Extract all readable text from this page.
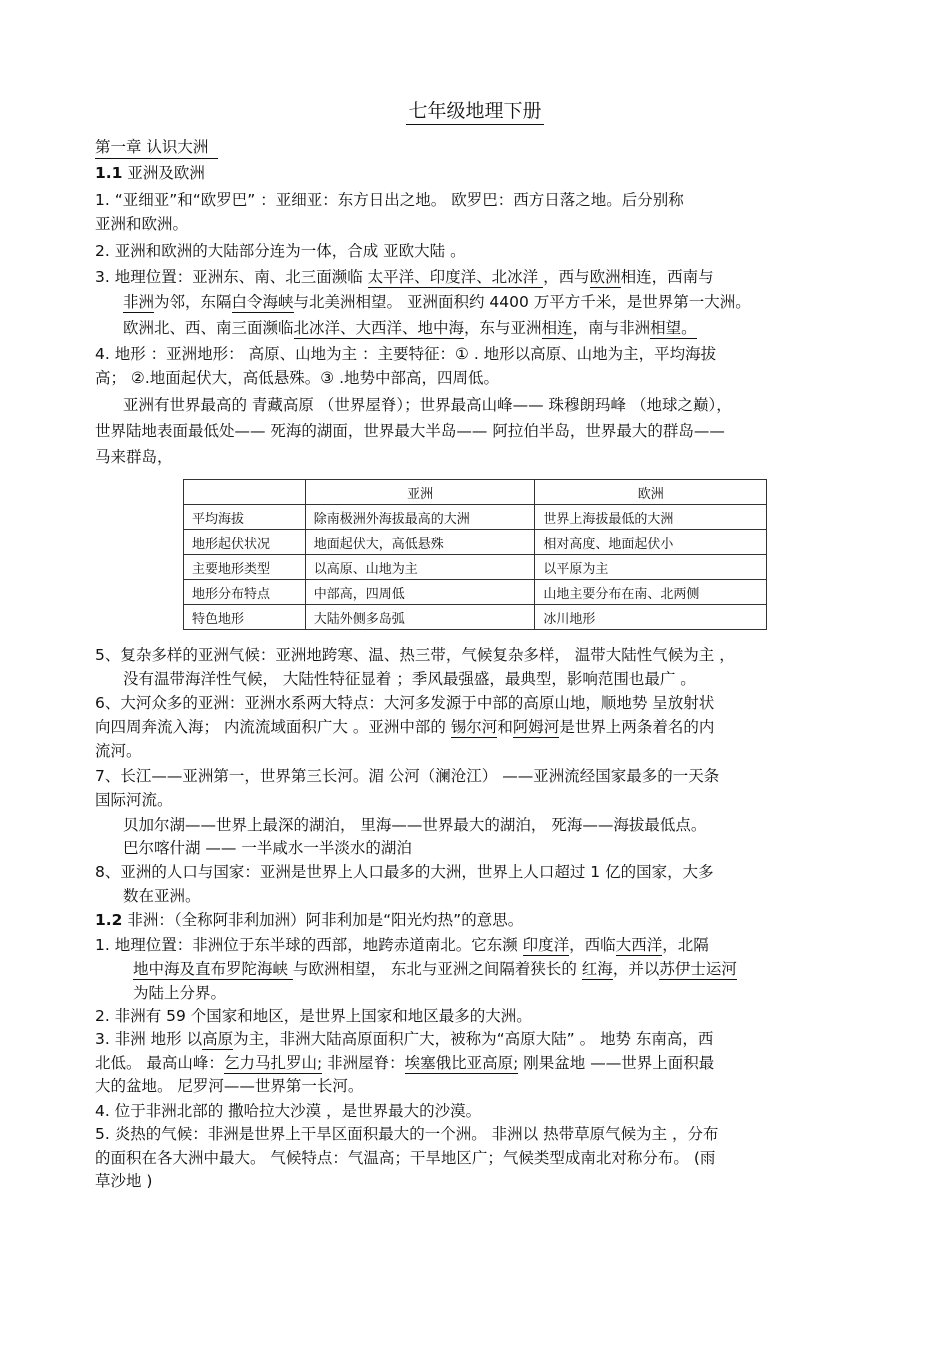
七年级地理下册
第一章 认识大洲
1.1 亚洲及欧洲
1. “亚细亚”和“欧罗巴” ：亚细亚：东方日出之地。 欧罗巴：西方日落之地。后分别称
亚洲和欧洲。
2. 亚洲和欧洲的大陆部分连为一体，合成 亚欧大陆 。
3. 地理位置：亚洲东、南、北三面濒临 太平洋、印度洋、北冰洋 ，西与欧洲相连，西南与
非洲为邻，东隔白令海峡与北美洲相望。 亚洲面积约 4400 万平方千米，是世界第一大洲。
欧洲北、西、南三面濒临北冰洋、大西洋、地中海，东与亚洲相连，南与非洲相望。
4. 地形 ：亚洲地形： 高原、山地为主 ：主要特征：① . 地形以高原、山地为主，平均海拔
高； ②.地面起伏大，高低悬殊。③ .地势中部高，四周低。
亚洲有世界最高的 青藏高原 （世界屋脊）；世界最高山峰—— 珠穆朗玛峰 （地球之巅），
世界陆地表面最低处—— 死海的湖面，世界最大半岛—— 阿拉伯半岛，世界最大的群岛——
马来群岛，
	亚洲	欧洲
平均海拔	除南极洲外海拔最高的大洲	世界上海拔最低的大洲
地形起伏状况	地面起伏大，高低悬殊	相对高度、地面起伏小
主要地形类型	以高原、山地为主	以平原为主
地形分布特点	中部高，四周低	山地主要分布在南、北两侧
特色地形	大陆外侧多岛弧	冰川地形
5、复杂多样的亚洲气候：亚洲地跨寒、温、热三带，气候复杂多样， 温带大陆性气候为主 ，
没有温带海洋性气候， 大陆性特征显着 ；季风最强盛，最典型，影响范围也最广 。
6、大河众多的亚洲：亚洲水系两大特点：大河多发源于中部的高原山地，顺地势 呈放射状
向四周奔流入海； 内流流域面积广大 。亚洲中部的 锡尔河和阿姆河是世界上两条着名的内
流河。
7、长江——亚洲第一，世界第三长河。湄 公河（澜沧江） ——亚洲流经国家最多的一天条
国际河流。
贝加尔湖——世界上最深的湖泊， 里海——世界最大的湖泊， 死海——海拔最低点。
巴尔喀什湖 —— 一半咸水一半淡水的湖泊
8、亚洲的人口与国家：亚洲是世界上人口最多的大洲，世界上人口超过 1 亿的国家，大多
数在亚洲。
1.2 非洲：（全称阿非利加洲）阿非利加是“阳光灼热”的意思。
1. 地理位置：非洲位于东半球的西部，地跨赤道南北。它东濒 印度洋，西临大西洋，北隔
地中海及直布罗陀海峡 与欧洲相望， 东北与亚洲之间隔着狭长的 红海，并以苏伊士运河
为陆上分界。
2. 非洲有 59 个国家和地区，是世界上国家和地区最多的大洲。
3. 非洲 地形 以高原为主，非洲大陆高原面积广大，被称为“高原大陆” 。 地势 东南高，西
北低。 最高山峰：乞力马扎罗山; 非洲屋脊：埃塞俄比亚高原; 刚果盆地 ——世界上面积最
大的盆地。 尼罗河——世界第一长河。
4. 位于非洲北部的 撒哈拉大沙漠 ，是世界最大的沙漠。
5. 炎热的气候：非洲是世界上干旱区面积最大的一个洲。 非洲以 热带草原气候为主 ，分布
的面积在各大洲中最大。 气候特点：气温高；干旱地区广；气候类型成南北对称分布。 (雨
草沙地 )
